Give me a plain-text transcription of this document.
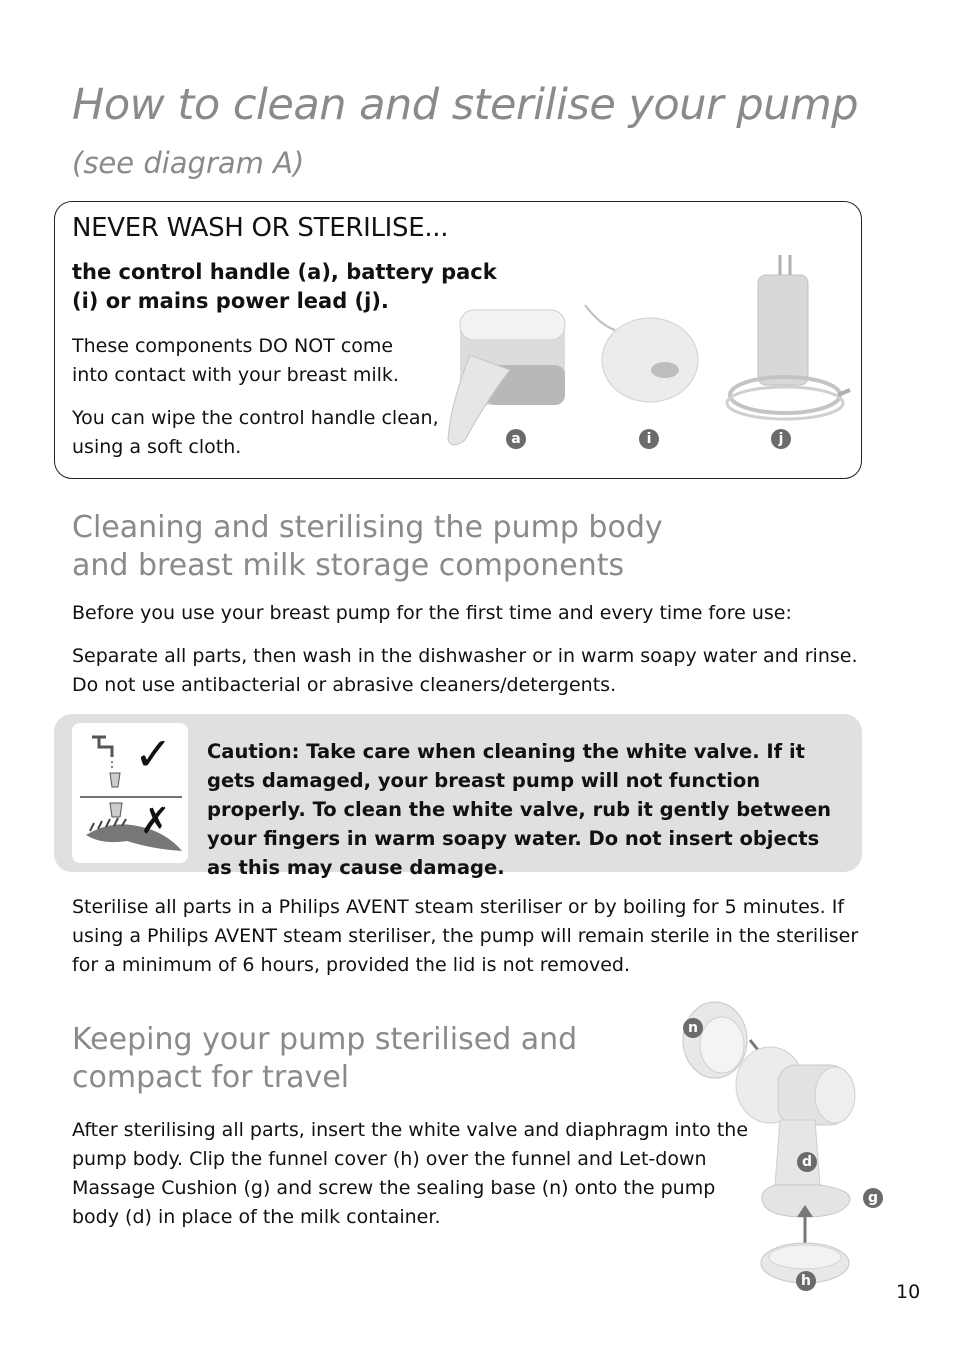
How to clean and sterilise your pump
(see diagram A)
NEVER WASH OR STERILISE...
the control handle (a), battery pack (i) or mains power lead (j).
These components DO NOT come into contact with your breast milk.
You can wipe the control handle clean, using a soft cloth.	a	i	j
Cleaning and sterilising the pump body and breast milk storage components
Before you use your breast pump for the first time and every time fore use:
Separate all parts, then wash in the dishwasher or in warm soapy water and rinse. Do not use antibacterial or abrasive cleaners/detergents.
✓
✗
Caution: Take care when cleaning the white valve. If it gets damaged, your breast pump will not function properly. To clean the white valve, rub it gently between your fingers in warm soapy water. Do not insert objects as this may cause damage.
Sterilise all parts in a Philips AVENT steam steriliser or by boiling for 5 minutes. If using a Philips AVENT steam steriliser, the pump will remain sterile in the steriliser for a minimum of 6 hours, provided the lid is not removed.
Keeping your pump sterilised and compact for travel
After sterilising all parts, insert the white valve and diaphragm into the pump body. Clip the funnel cover (h) over the funnel and Let-down Massage Cushion (g) and screw the sealing base (n) onto the pump body (d) in place of the milk container.
n
d
g
h	10
